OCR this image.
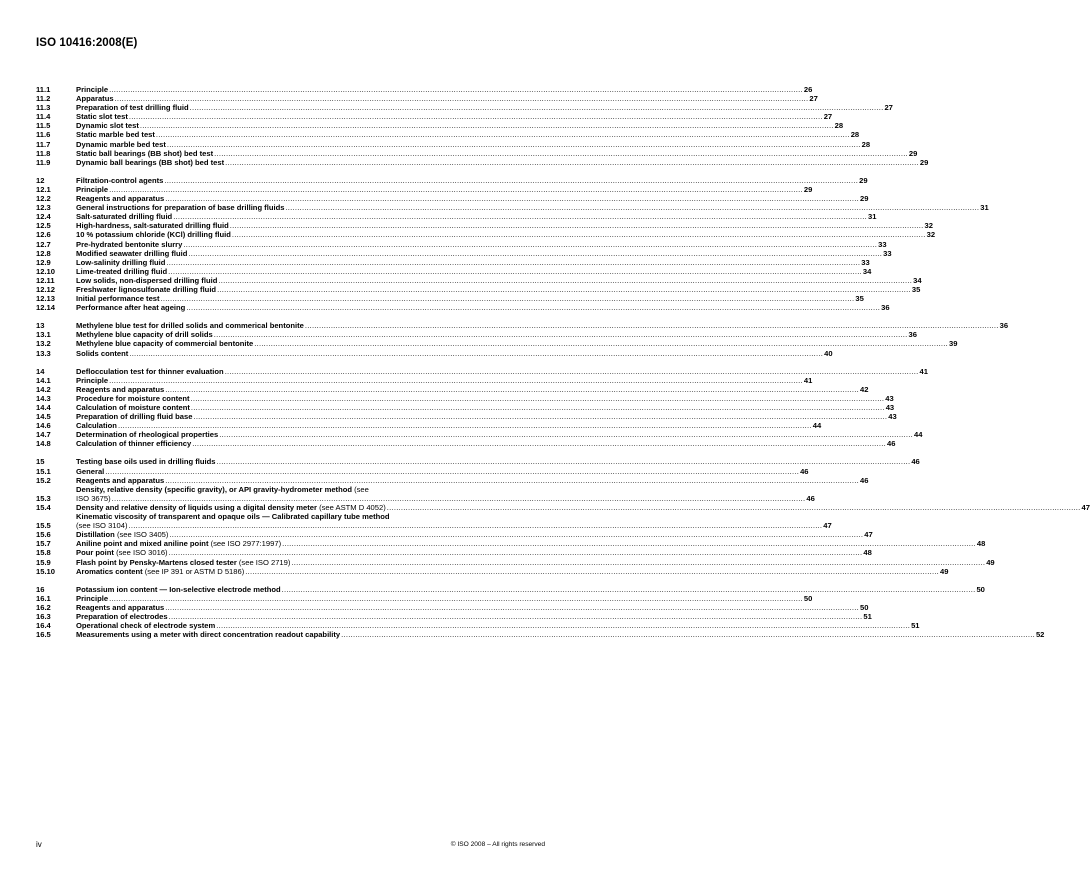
ISO 10416:2008(E)
11.1	Principle .....	26
11.2	Apparatus .....	27
11.3	Preparation of test drilling fluid .....	27
11.4	Static slot test .....	27
11.5	Dynamic slot test .....	28
11.6	Static marble bed test .....	28
11.7	Dynamic marble bed test .....	28
11.8	Static ball bearings (BB shot) bed test .....	29
11.9	Dynamic ball bearings (BB shot) bed test .....	29
12	Filtration-control agents .....	29
12.1	Principle .....	29
12.2	Reagents and apparatus .....	29
12.3	General instructions for preparation of base drilling fluids .....	31
12.4	Salt-saturated drilling fluid .....	31
12.5	High-hardness, salt-saturated drilling fluid .....	32
12.6	10 % potassium chloride (KCl) drilling fluid .....	32
12.7	Pre-hydrated bentonite slurry .....	33
12.8	Modified seawater drilling fluid .....	33
12.9	Low-salinity drilling fluid .....	33
12.10	Lime-treated drilling fluid .....	34
12.11	Low solids, non-dispersed drilling fluid .....	34
12.12	Freshwater lignosulfonate drilling fluid .....	35
12.13	Initial performance test .....	35
12.14	Performance after heat ageing .....	36
13	Methylene blue test for drilled solids and commerical bentonite .....	36
13.1	Methylene blue capacity of drill solids .....	36
13.2	Methylene blue capacity of commercial bentonite .....	39
13.3	Solids content .....	40
14	Deflocculation test for thinner evaluation .....	41
14.1	Principle .....	41
14.2	Reagents and apparatus .....	42
14.3	Procedure for moisture content .....	43
14.4	Calculation of moisture content .....	43
14.5	Preparation of drilling fluid base .....	43
14.6	Calculation .....	44
14.7	Determination of rheological properties .....	44
14.8	Calculation of thinner efficiency .....	46
15	Testing base oils used in drilling fluids .....	46
15.1	General .....	46
15.2	Reagents and apparatus .....	46
15.3
Density, relative density (specific gravity), or API gravity-hydrometer method (see
ISO 3675) .....	46
15.4	Density and relative density of liquids using a digital density meter (see ASTM D 4052) .....	47
15.5
Kinematic viscosity of transparent and opaque oils — Calibrated capillary tube method
(see ISO 3104) .....	47
15.6	Distillation (see ISO 3405) .....	47
15.7	Aniline point and mixed aniline point (see ISO 2977:1997) .....	48
15.8	Pour point (see ISO 3016) .....	48
15.9	Flash point by Pensky-Martens closed tester (see ISO 2719) .....	49
15.10	Aromatics content (see IP 391 or ASTM D 5186) .....	49
16	Potassium ion content — Ion-selective electrode method .....	50
16.1	Principle .....	50
16.2	Reagents and apparatus .....	50
16.3	Preparation of electrodes .....	51
16.4	Operational check of electrode system .....	51
16.5	Measurements using a meter with direct concentration readout capability .....	52
iv	© ISO 2008 – All rights reserved
